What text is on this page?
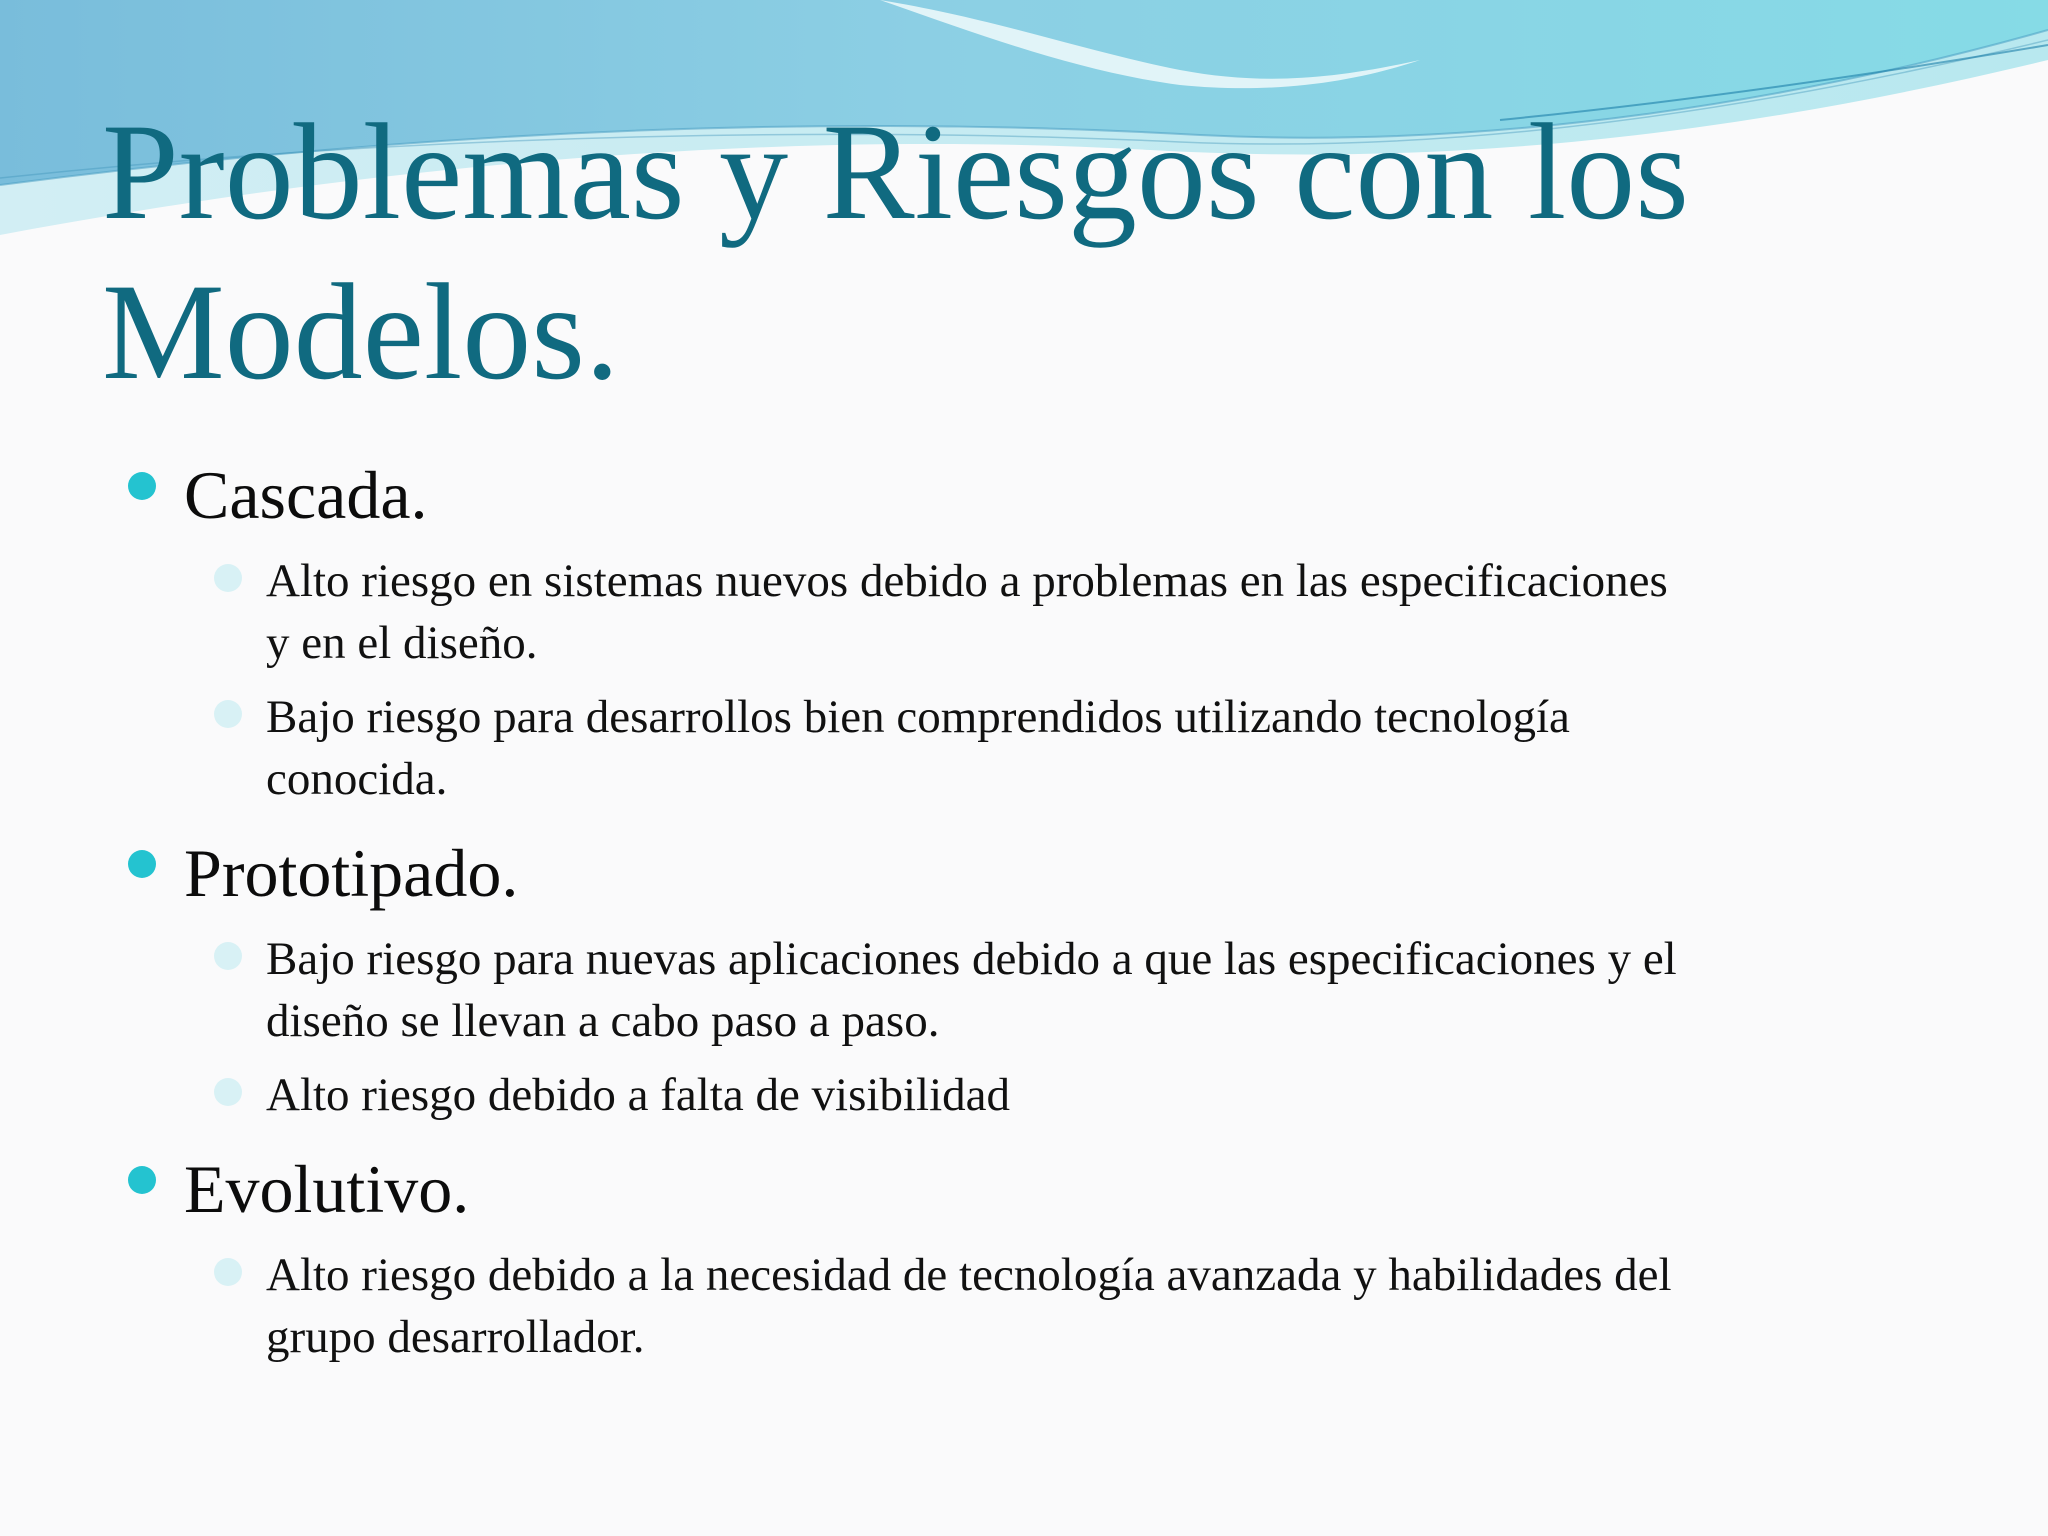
Problemas y Riesgos con los
Modelos.
Cascada.
Alto riesgo en sistemas nuevos debido a problemas en las especificaciones
y en el diseño.
Bajo riesgo para desarrollos bien comprendidos utilizando tecnología
conocida.
Prototipado.
Bajo riesgo para nuevas aplicaciones debido a que las especificaciones y el
diseño se llevan a cabo paso a paso.
Alto riesgo debido a falta de visibilidad
Evolutivo.
Alto riesgo debido a la necesidad de tecnología avanzada y habilidades del
grupo desarrollador.
